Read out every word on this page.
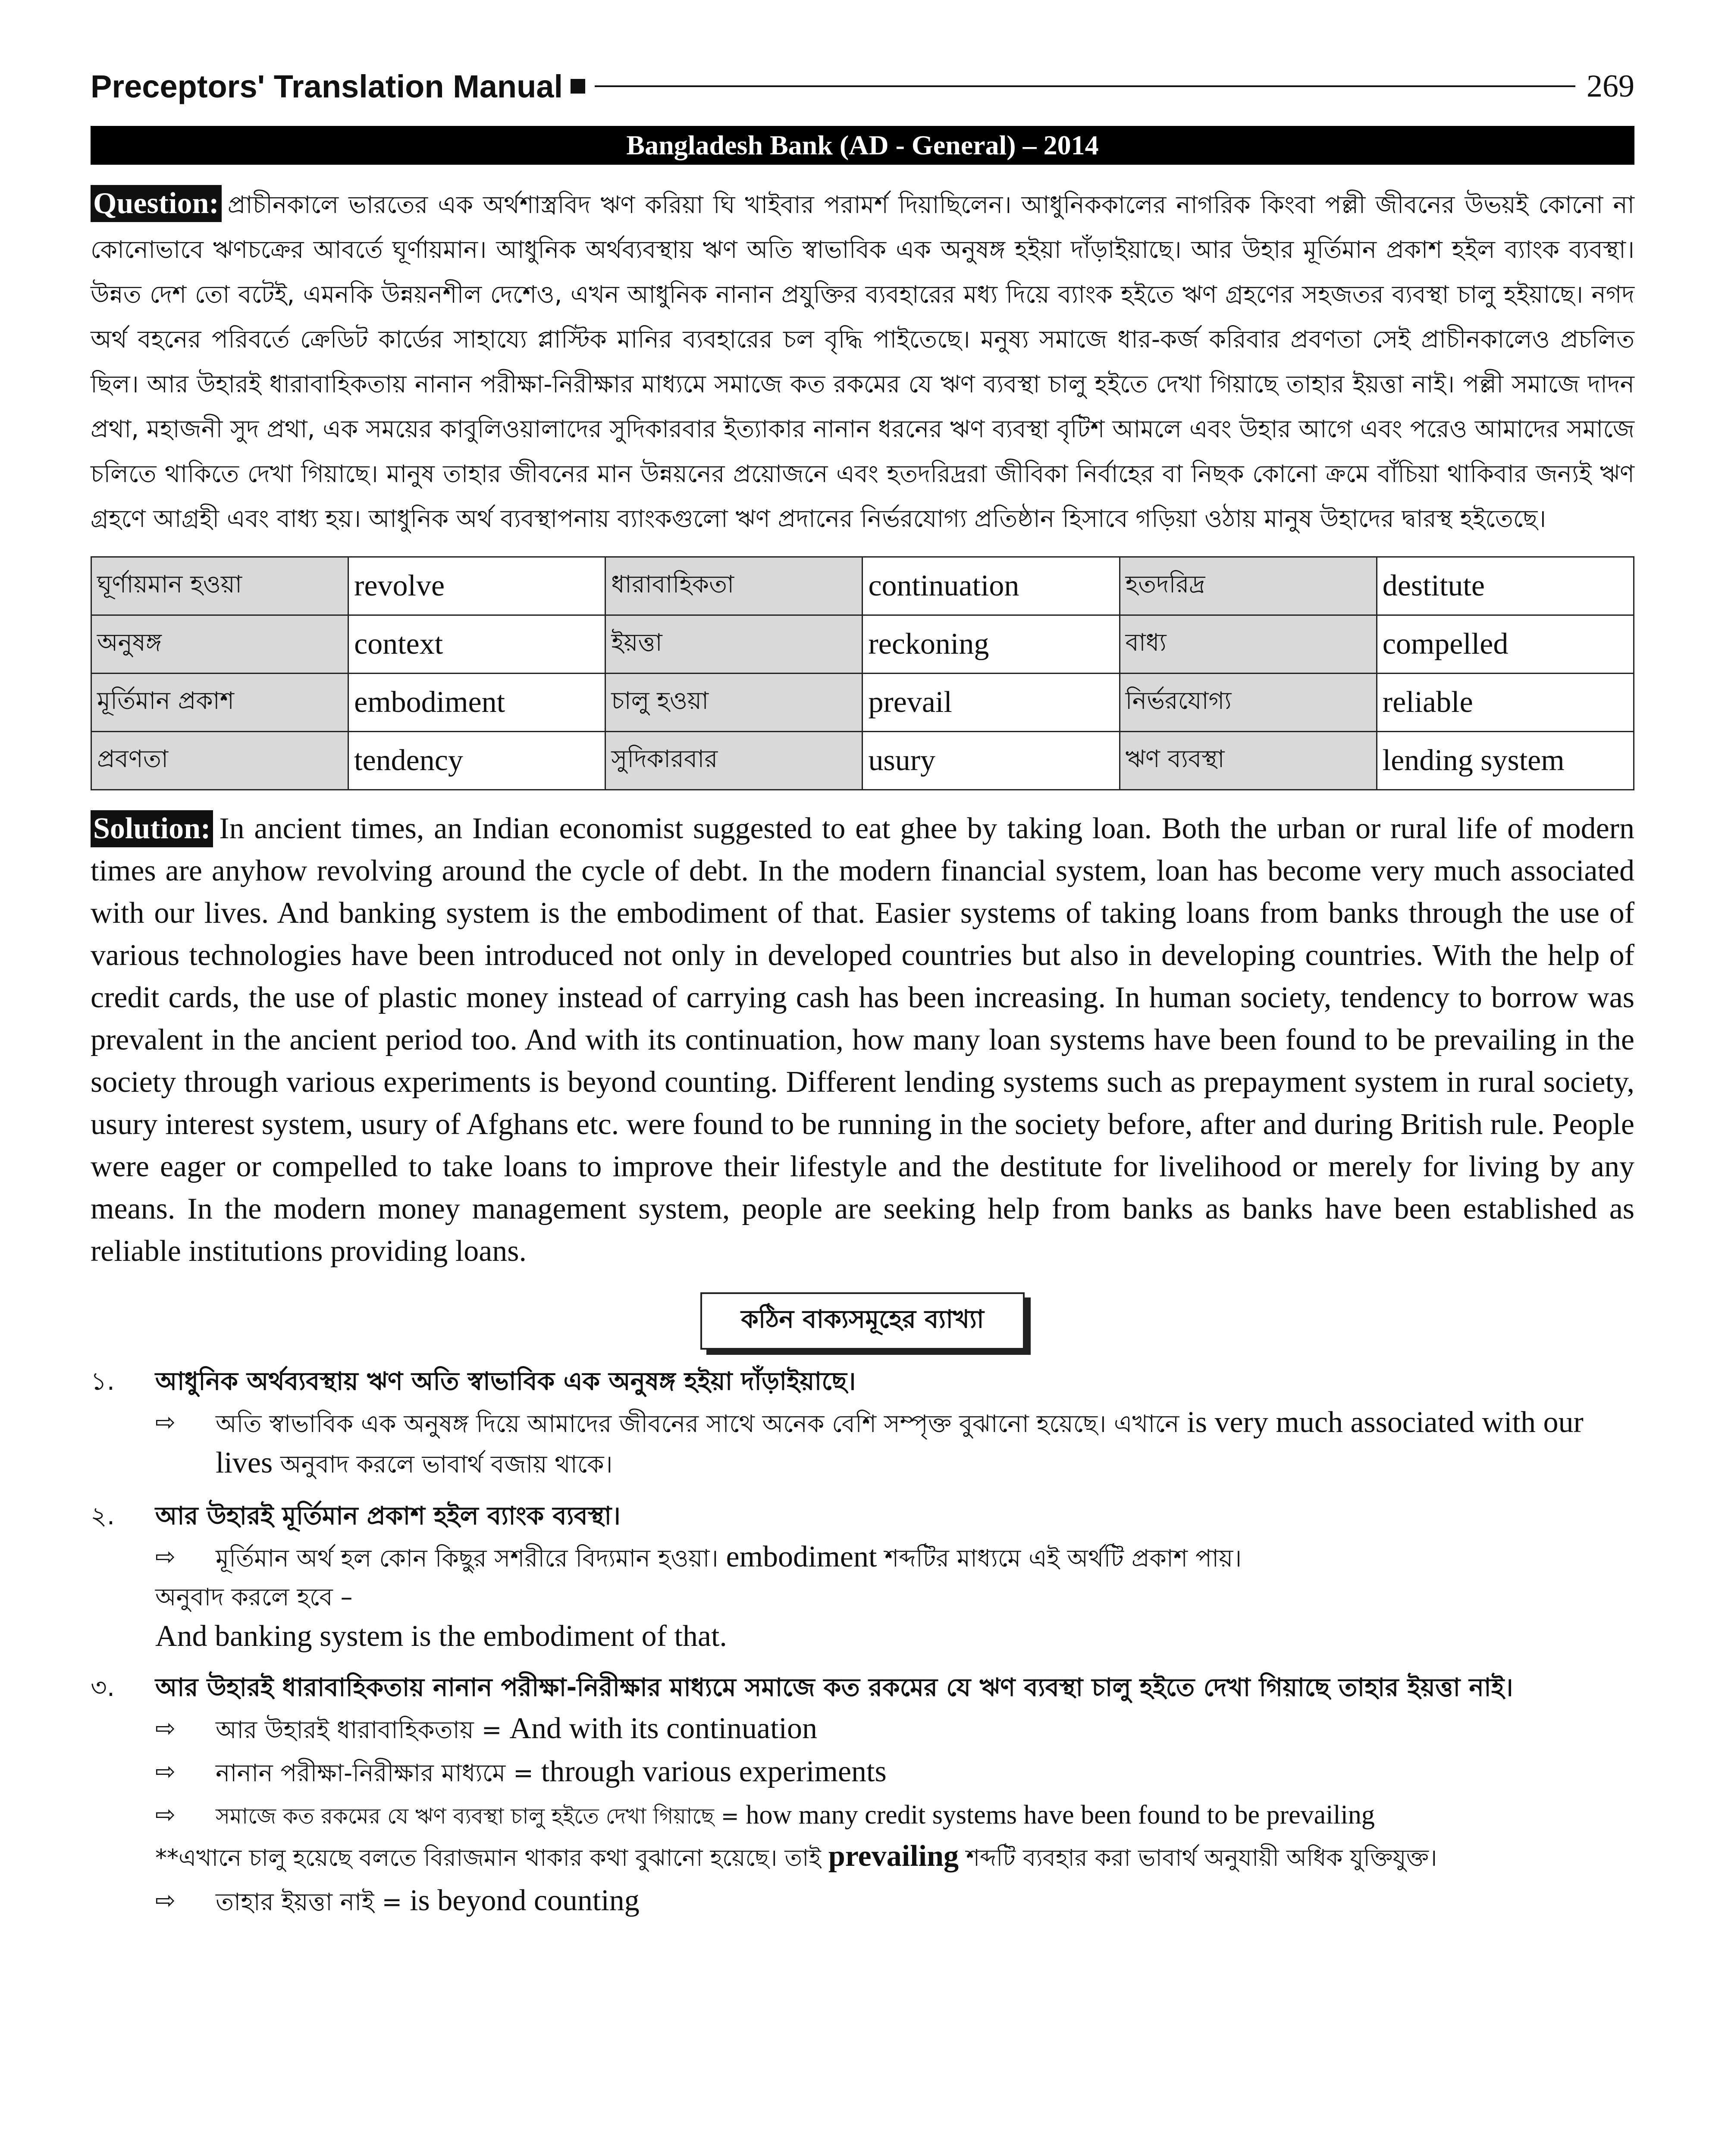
Preceptors' Translation Manual	269
Bangladesh Bank (AD - General) – 2014
Question: প্রাচীনকালে ভারতের এক অর্থশাস্ত্রবিদ ঋণ করিয়া ঘি খাইবার পরামর্শ দিয়াছিলেন। আধুনিককালের নাগরিক কিংবা পল্লী জীবনের উভয়ই কোনো না কোনোভাবে ঋণচক্রের আবর্তে ঘূর্ণায়মান। আধুনিক অর্থব্যবস্থায় ঋণ অতি স্বাভাবিক এক অনুষঙ্গ হইয়া দাঁড়াইয়াছে। আর উহার মূর্তিমান প্রকাশ হইল ব্যাংক ব্যবস্থা। উন্নত দেশ তো বটেই, এমনকি উন্নয়নশীল দেশেও, এখন আধুনিক নানান প্রযুক্তির ব্যবহারের মধ্য দিয়ে ব্যাংক হইতে ঋণ গ্রহণের সহজতর ব্যবস্থা চালু হইয়াছে। নগদ অর্থ বহনের পরিবর্তে ক্রেডিট কার্ডের সাহায্যে প্লাস্টিক মানির ব্যবহারের চল বৃদ্ধি পাইতেছে। মনুষ্য সমাজে ধার-কর্জ করিবার প্রবণতা সেই প্রাচীনকালেও প্রচলিত ছিল। আর উহারই ধারাবাহিকতায় নানান পরীক্ষা-নিরীক্ষার মাধ্যমে সমাজে কত রকমের যে ঋণ ব্যবস্থা চালু হইতে দেখা গিয়াছে তাহার ইয়ত্তা নাই। পল্লী সমাজে দাদন প্রথা, মহাজনী সুদ প্রথা, এক সময়ের কাবুলিওয়ালাদের সুদিকারবার ইত্যাকার নানান ধরনের ঋণ ব্যবস্থা বৃটিশ আমলে এবং উহার আগে এবং পরেও আমাদের সমাজে চলিতে থাকিতে দেখা গিয়াছে। মানুষ তাহার জীবনের মান উন্নয়নের প্রয়োজনে এবং হতদরিদ্ররা জীবিকা নির্বাহের বা নিছক কোনো ক্রমে বাঁচিয়া থাকিবার জন্যই ঋণ গ্রহণে আগ্রহী এবং বাধ্য হয়। আধুনিক অর্থ ব্যবস্থাপনায় ব্যাংকগুলো ঋণ প্রদানের নির্ভরযোগ্য প্রতিষ্ঠান হিসাবে গড়িয়া ওঠায় মানুষ উহাদের দ্বারস্থ হইতেছে।
ঘূর্ণায়মান হওয়া	revolve	ধারাবাহিকতা	continuation	হতদরিদ্র	destitute
অনুষঙ্গ	context	ইয়ত্তা	reckoning	বাধ্য	compelled
মূর্তিমান প্রকাশ	embodiment	চালু হওয়া	prevail	নির্ভরযোগ্য	reliable
প্রবণতা	tendency	সুদিকারবার	usury	ঋণ ব্যবস্থা	lending system
Solution: In ancient times, an Indian economist suggested to eat ghee by taking loan. Both the urban or rural life of modern times are anyhow revolving around the cycle of debt. In the modern financial system, loan has become very much associated with our lives. And banking system is the embodiment of that. Easier systems of taking loans from banks through the use of various technologies have been introduced not only in developed countries but also in developing countries. With the help of credit cards, the use of plastic money instead of carrying cash has been increasing. In human society, tendency to borrow was prevalent in the ancient period too. And with its continuation, how many loan systems have been found to be prevailing in the society through various experiments is beyond counting. Different lending systems such as prepayment system in rural society, usury interest system, usury of Afghans etc. were found to be running in the society before, after and during British rule. People were eager or compelled to take loans to improve their lifestyle and the destitute for livelihood or merely for living by any means. In the modern money management system, people are seeking help from banks as banks have been established as reliable institutions providing loans.
কঠিন বাক্যসমূহের ব্যাখ্যা
১.	আধুনিক অর্থব্যবস্থায় ঋণ অতি স্বাভাবিক এক অনুষঙ্গ হইয়া দাঁড়াইয়াছে।
⇨	অতি স্বাভাবিক এক অনুষঙ্গ দিয়ে আমাদের জীবনের সাথে অনেক বেশি সম্পৃক্ত বুঝানো হয়েছে। এখানে is very much associated with our lives অনুবাদ করলে ভাবার্থ বজায় থাকে।
২.	আর উহারই মূর্তিমান প্রকাশ হইল ব্যাংক ব্যবস্থা।
⇨	মূর্তিমান অর্থ হল কোন কিছুর সশরীরে বিদ্যমান হওয়া। embodiment শব্দটির মাধ্যমে এই অর্থটি প্রকাশ পায়।
অনুবাদ করলে হবে –
And banking system is the embodiment of that.
৩.	আর উহারই ধারাবাহিকতায় নানান পরীক্ষা-নিরীক্ষার মাধ্যমে সমাজে কত রকমের যে ঋণ ব্যবস্থা চালু হইতে দেখা গিয়াছে তাহার ইয়ত্তা নাই।
⇨	আর উহারই ধারাবাহিকতায় = And with its continuation
⇨	নানান পরীক্ষা-নিরীক্ষার মাধ্যমে = through various experiments
⇨	সমাজে কত রকমের যে ঋণ ব্যবস্থা চালু হইতে দেখা গিয়াছে = how many credit systems have been found to be prevailing
**এখানে চালু হয়েছে বলতে বিরাজমান থাকার কথা বুঝানো হয়েছে। তাই prevailing শব্দটি ব্যবহার করা ভাবার্থ অনুযায়ী অধিক যুক্তিযুক্ত।
⇨	তাহার ইয়ত্তা নাই = is beyond counting
